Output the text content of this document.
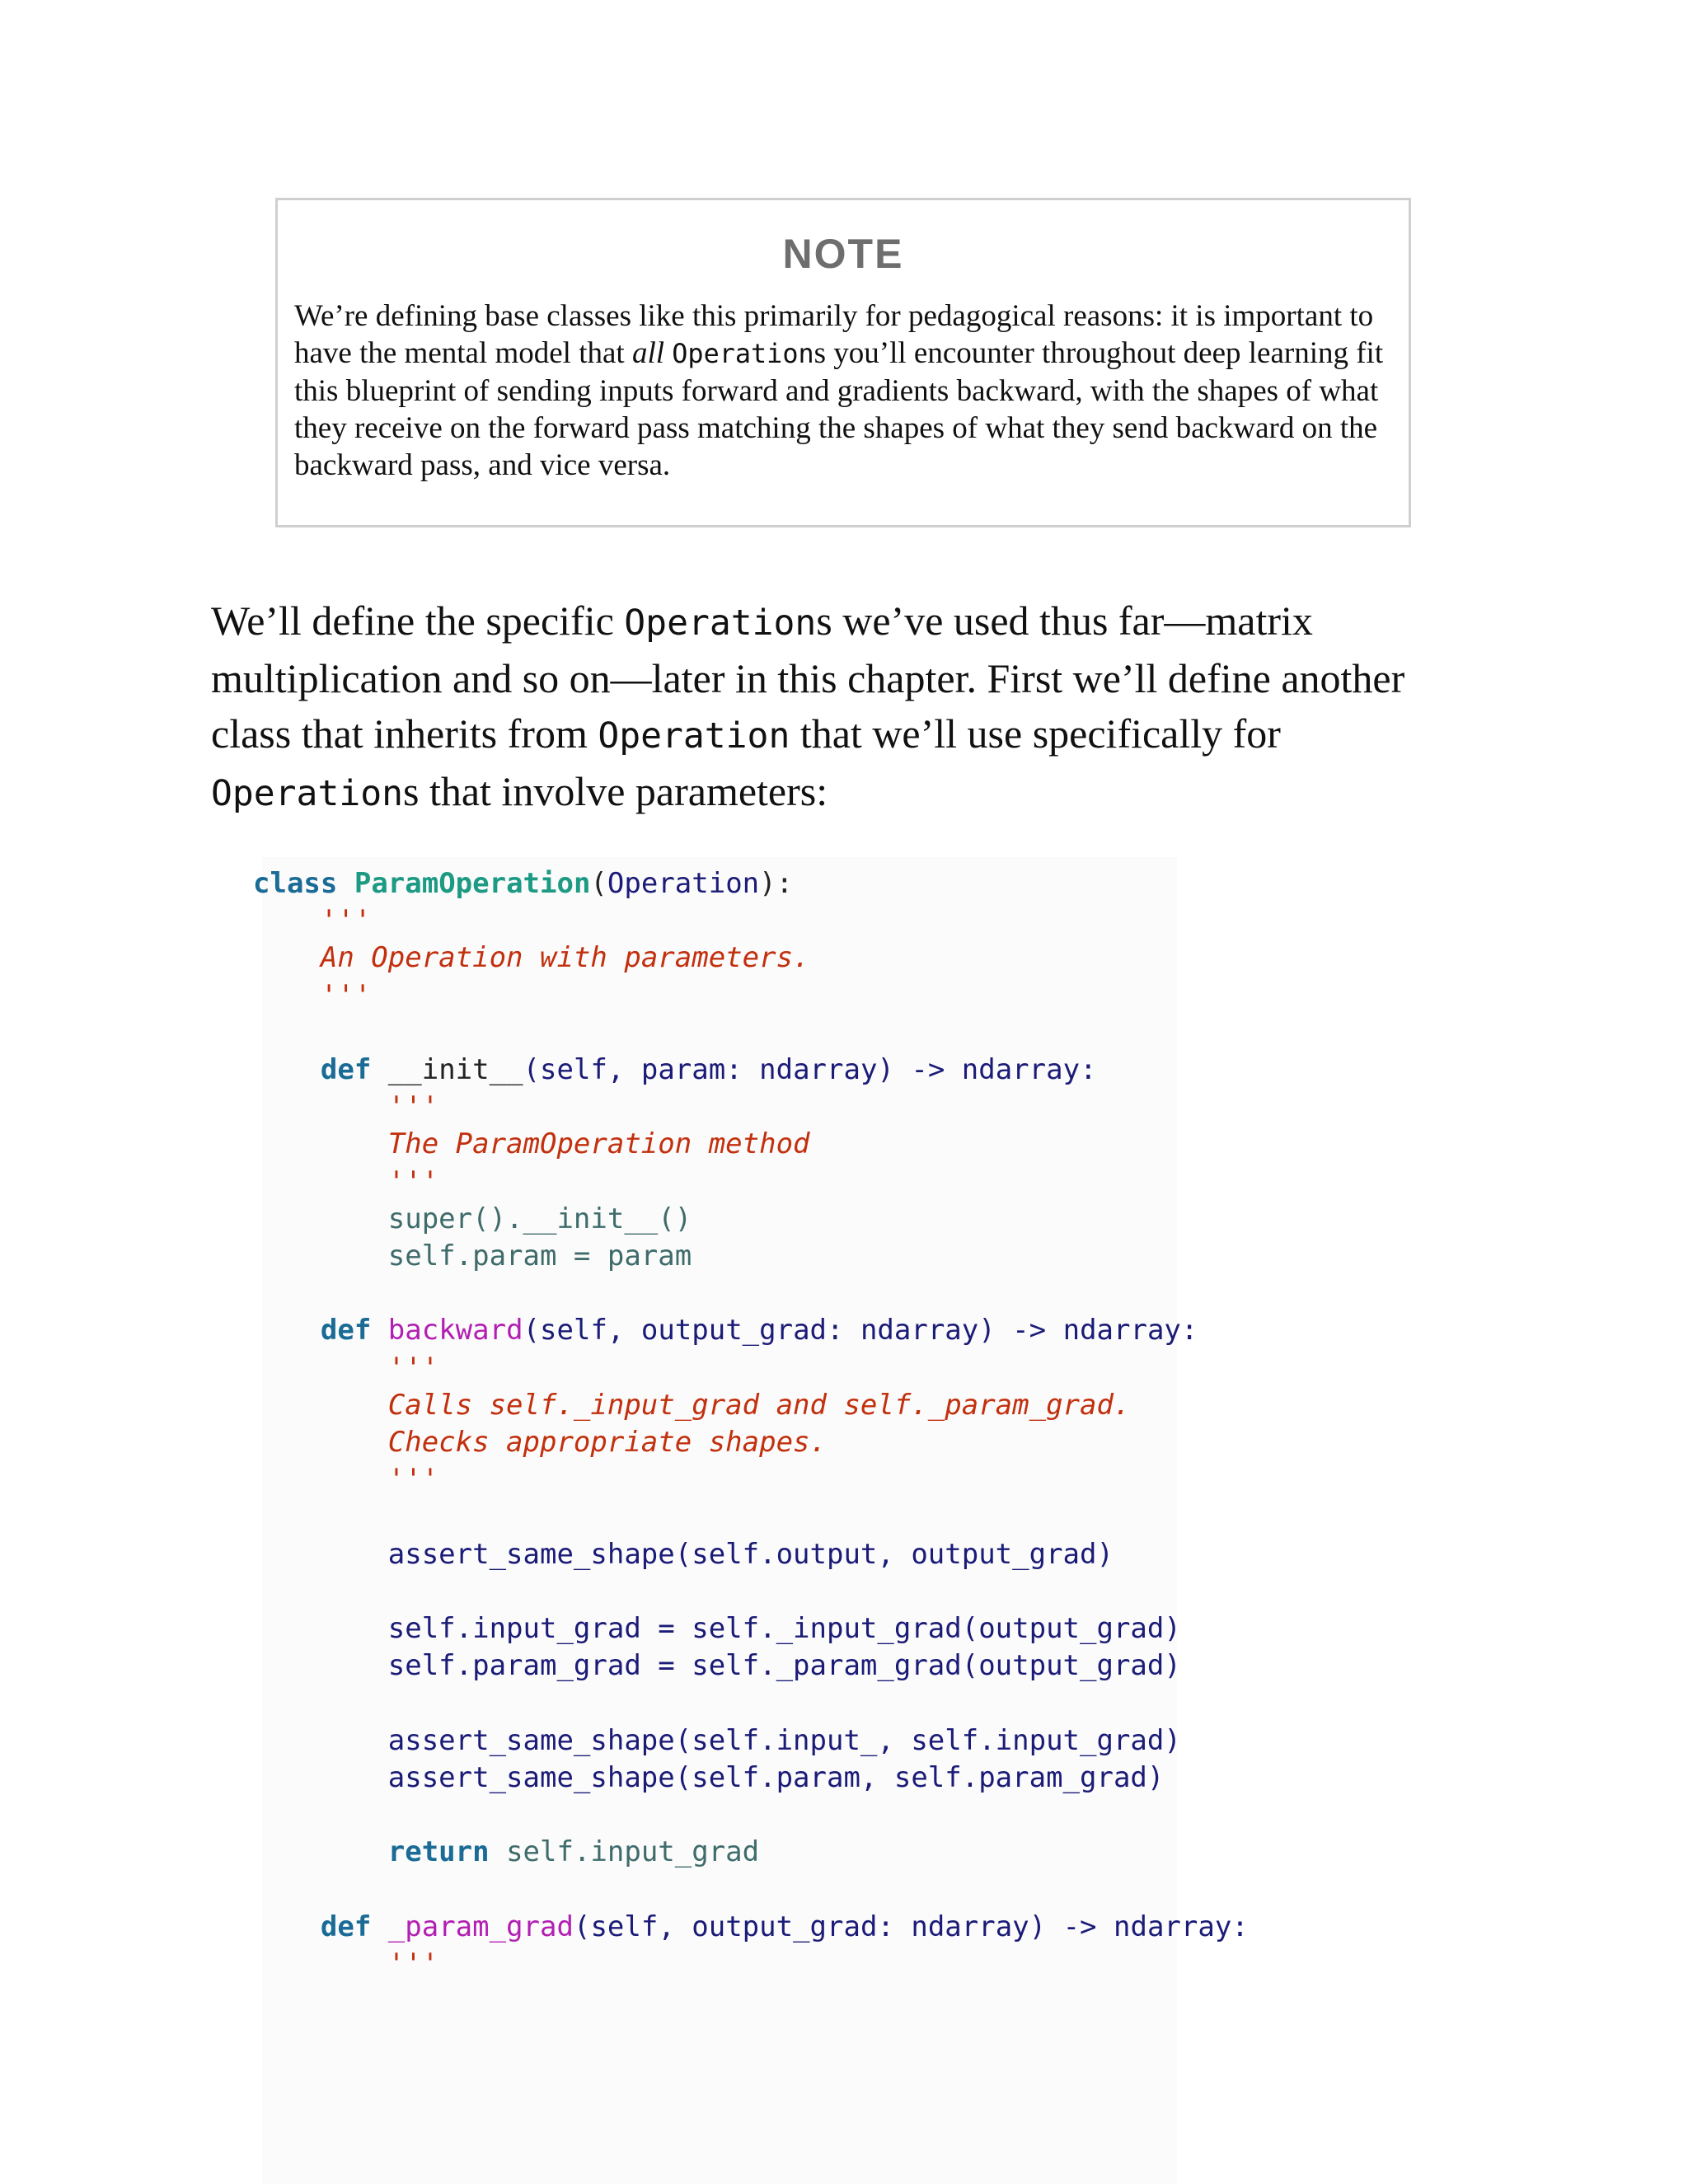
NOTE
We’re defining base classes like this primarily for pedagogical reasons: it is important to have the mental model that all Operations you’ll encounter throughout deep learning fit this blueprint of sending inputs forward and gradients backward, with the shapes of what they receive on the forward pass matching the shapes of what they send backward on the backward pass, and vice versa.
We’ll define the specific Operations we’ve used thus far—matrix multiplication and so on—later in this chapter. First we’ll define another class that inherits from Operation that we’ll use specifically for Operations that involve parameters:
class ParamOperation(Operation):
'''
An Operation with parameters.
'''

def __init__(self, param: ndarray) -> ndarray:
'''
The ParamOperation method
'''
super().__init__()
self.param = param

def backward(self, output_grad: ndarray) -> ndarray:
'''
Calls self._input_grad and self._param_grad.
Checks appropriate shapes.
'''

assert_same_shape(self.output, output_grad)

self.input_grad = self._input_grad(output_grad)
self.param_grad = self._param_grad(output_grad)

assert_same_shape(self.input_, self.input_grad)
assert_same_shape(self.param, self.param_grad)

return self.input_grad

def _param_grad(self, output_grad: ndarray) -> ndarray:
'''
